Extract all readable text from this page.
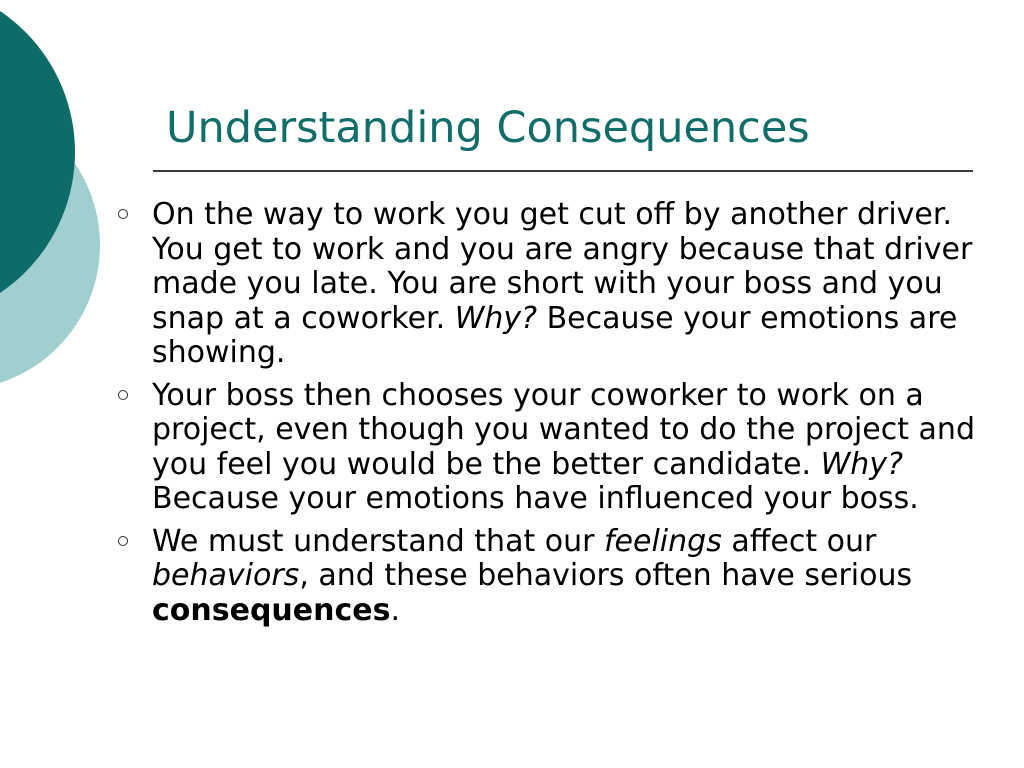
Understanding Consequences
On the way to work you get cut off by another driver. You get to work and you are angry because that driver made you late. You are short with your boss and you snap at a coworker. Why? Because your emotions are showing.
Your boss then chooses your coworker to work on a project, even though you wanted to do the project and you feel you would be the better candidate. Why? Because your emotions have influenced your boss.
We must understand that our feelings affect our behaviors, and these behaviors often have serious consequences.
